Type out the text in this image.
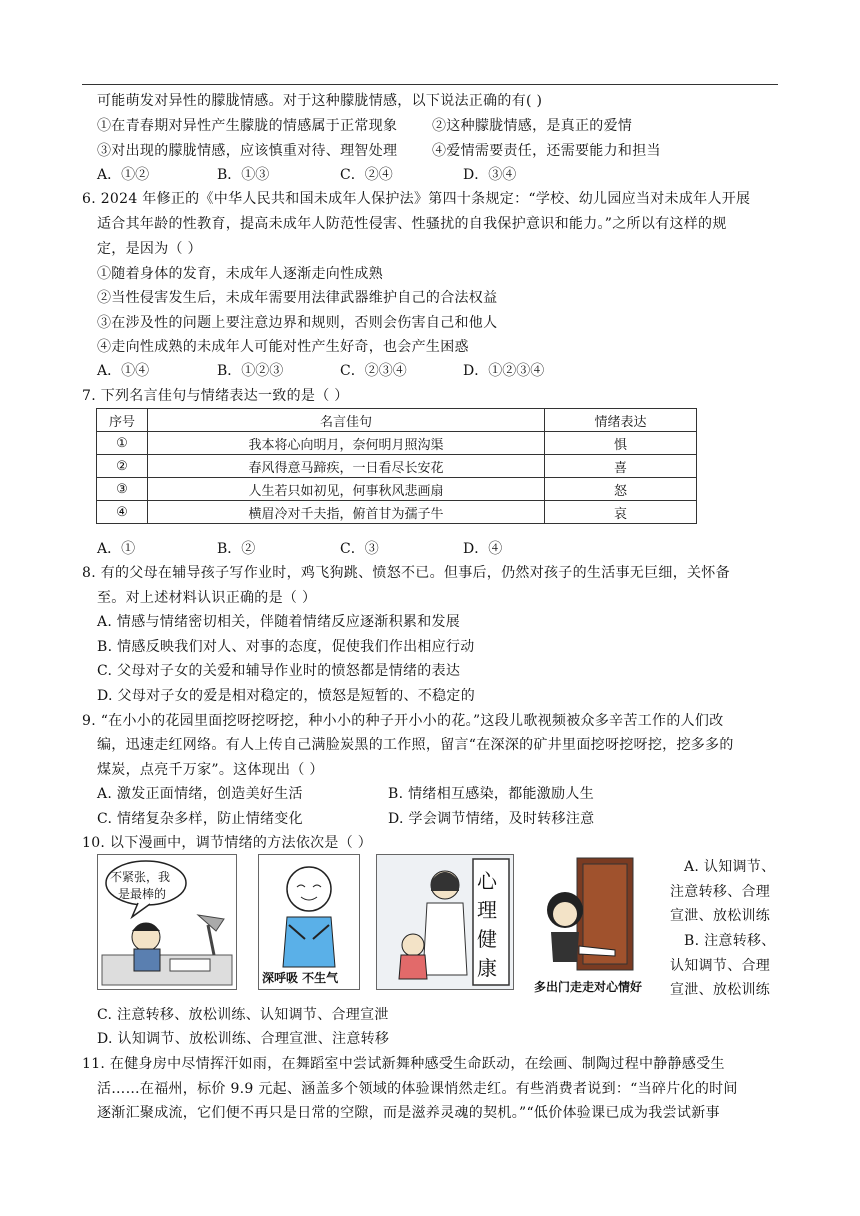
可能萌发对异性的朦胧情感。对于这种朦胧情感，以下说法正确的有( )
①在青春期对异性产生朦胧的情感属于正常现象 ②这种朦胧情感，是真正的爱情
③对出现的朦胧情感，应该慎重对待、理智处理 ④爱情需要责任，还需要能力和担当
A．①②	B．①③	C．②④	D．③④
6. 2024 年修正的《中华人民共和国未成年人保护法》第四十条规定：“学校、幼儿园应当对未成年人开展
适合其年龄的性教育，提高未成年人防范性侵害、性骚扰的自我保护意识和能力。”之所以有这样的规
定，是因为（ ）
①随着身体的发育，未成年人逐渐走向性成熟
②当性侵害发生后，未成年需要用法律武器维护自己的合法权益
③在涉及性的问题上要注意边界和规则，否则会伤害自己和他人
④走向性成熟的未成年人可能对性产生好奇，也会产生困惑
A．①④	B．①②③	C．②③④	D．①②③④
7. 下列名言佳句与情绪表达一致的是（ ）
序号	名言佳句	情绪表达
①	我本将心向明月，奈何明月照沟渠	惧
②	春风得意马蹄疾，一日看尽长安花	喜
③	人生若只如初见，何事秋风悲画扇	怒
④	横眉冷对千夫指，俯首甘为孺子牛	哀
A．①	B．②	C．③	D．④
8. 有的父母在辅导孩子写作业时，鸡飞狗跳、愤怒不已。但事后，仍然对孩子的生活事无巨细，关怀备
至。对上述材料认识正确的是（ ）
A. 情感与情绪密切相关，伴随着情绪反应逐渐积累和发展
B. 情感反映我们对人、对事的态度，促使我们作出相应行动
C. 父母对子女的关爱和辅导作业时的愤怒都是情绪的表达
D. 父母对子女的爱是相对稳定的，愤怒是短暂的、不稳定的
9. “在小小的花园里面挖呀挖呀挖，种小小的种子开小小的花。”这段儿歌视频被众多辛苦工作的人们改
编，迅速走红网络。有人上传自己满脸炭黑的工作照，留言“在深深的矿井里面挖呀挖呀挖，挖多多的
煤炭，点亮千万家”。这体现出（ ）
A. 激发正面情绪，创造美好生活	B. 情绪相互感染，都能激励人生
C. 情绪复杂多样，防止情绪变化	D. 学会调节情绪，及时转移注意
10. 以下漫画中，调节情绪的方法依次是（ ）
不紧张，我
是最棒的
深呼吸 不生气
心
理
健
康
多出门走走对心情好
A. 认知调节、
注意转移、合理
宣泄、放松训练
B. 注意转移、
认知调节、合理
宣泄、放松训练
C. 注意转移、放松训练、认知调节、合理宣泄
D. 认知调节、放松训练、合理宣泄、注意转移
11. 在健身房中尽情挥汗如雨，在舞蹈室中尝试新舞种感受生命跃动，在绘画、制陶过程中静静感受生
活……在福州，标价 9.9 元起、涵盖多个领域的体验课悄然走红。有些消费者说到：“当碎片化的时间
逐渐汇聚成流，它们便不再只是日常的空隙，而是滋养灵魂的契机。”“低价体验课已成为我尝试新事
